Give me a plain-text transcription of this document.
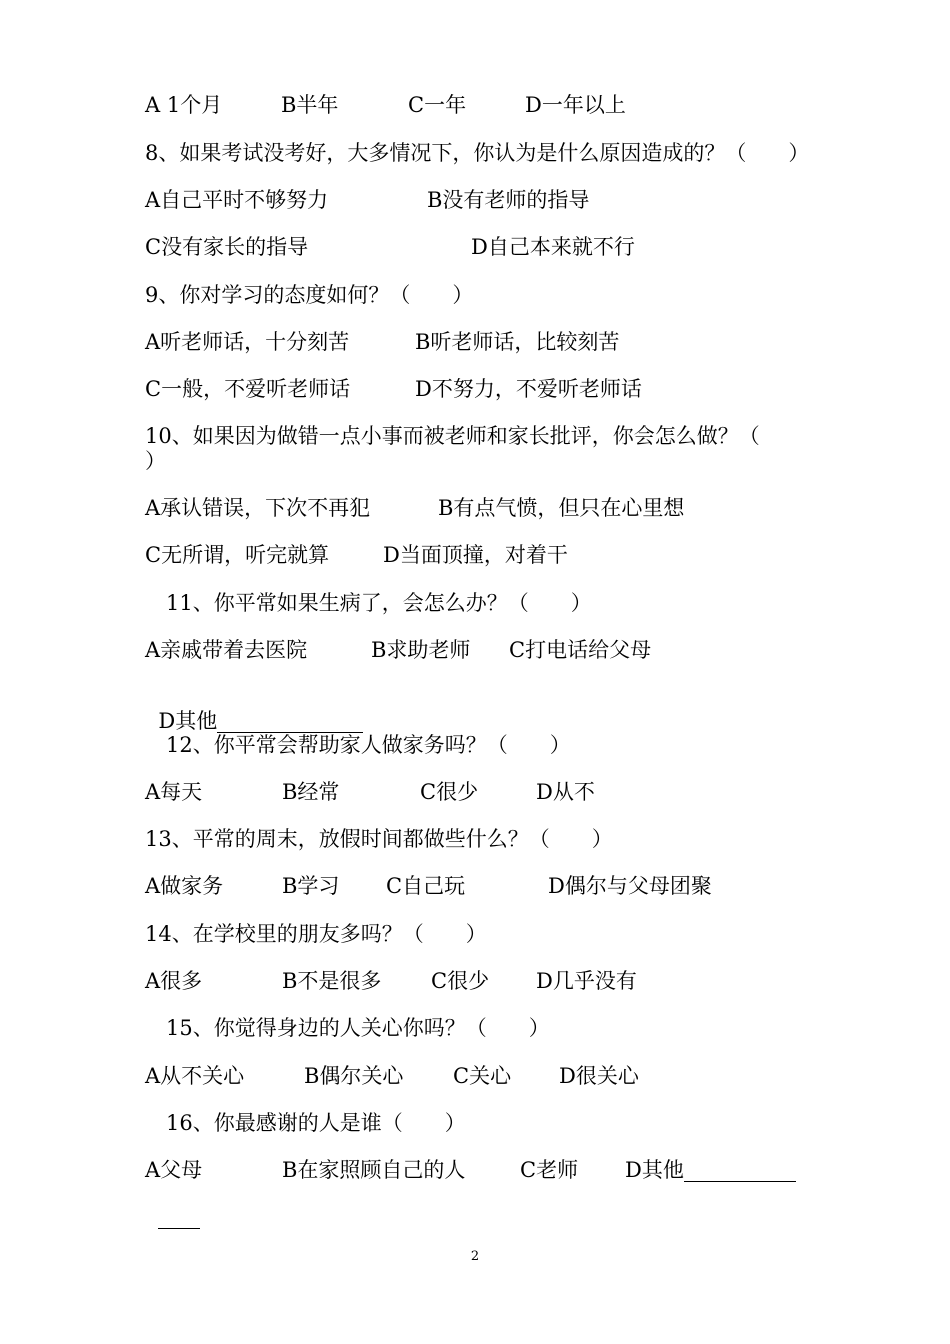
A 1个月

	B半年

	C一年

	D一年以上

8、如果考试没考好，大多情况下，你认为是什么原因造成的？（　　）

A自己平时不够努力

	B没有老师的指导

C没有家长的指导

	D自己本来就不行

9、你对学习的态度如何？（　　）

A听老师话，十分刻苦

	B听老师话，比较刻苦

C一般，不爱听老师话

	D不努力，不爱听老师话

10、如果因为做错一点小事而被老师和家长批评，你会怎么做？（
）

A承认错误，下次不再犯

	B有点气愤，但只在心里想

C无所谓，听完就算

	D当面顶撞，对着干

11、你平常如果生病了，会怎么办？（　　）

A亲戚带着去医院

	B求助老师

C打电话给父母

D其他

12、你平常会帮助家人做家务吗？（　　）

A每天

	B经常

	C很少

	D从不

13、平常的周末，放假时间都做些什么？（　　）

A做家务

	B学习

C自己玩

	D偶尔与父母团聚

14、在学校里的朋友多吗？（　　）

A很多

	B不是很多

C很少

D几乎没有

15、你觉得身边的人关心你吗？（　　）

A从不关心

	B偶尔关心

C关心

D很关心

16、你最感谢的人是谁（　　）

A父母

	B在家照顾自己的人

	C老师

D其他

2
